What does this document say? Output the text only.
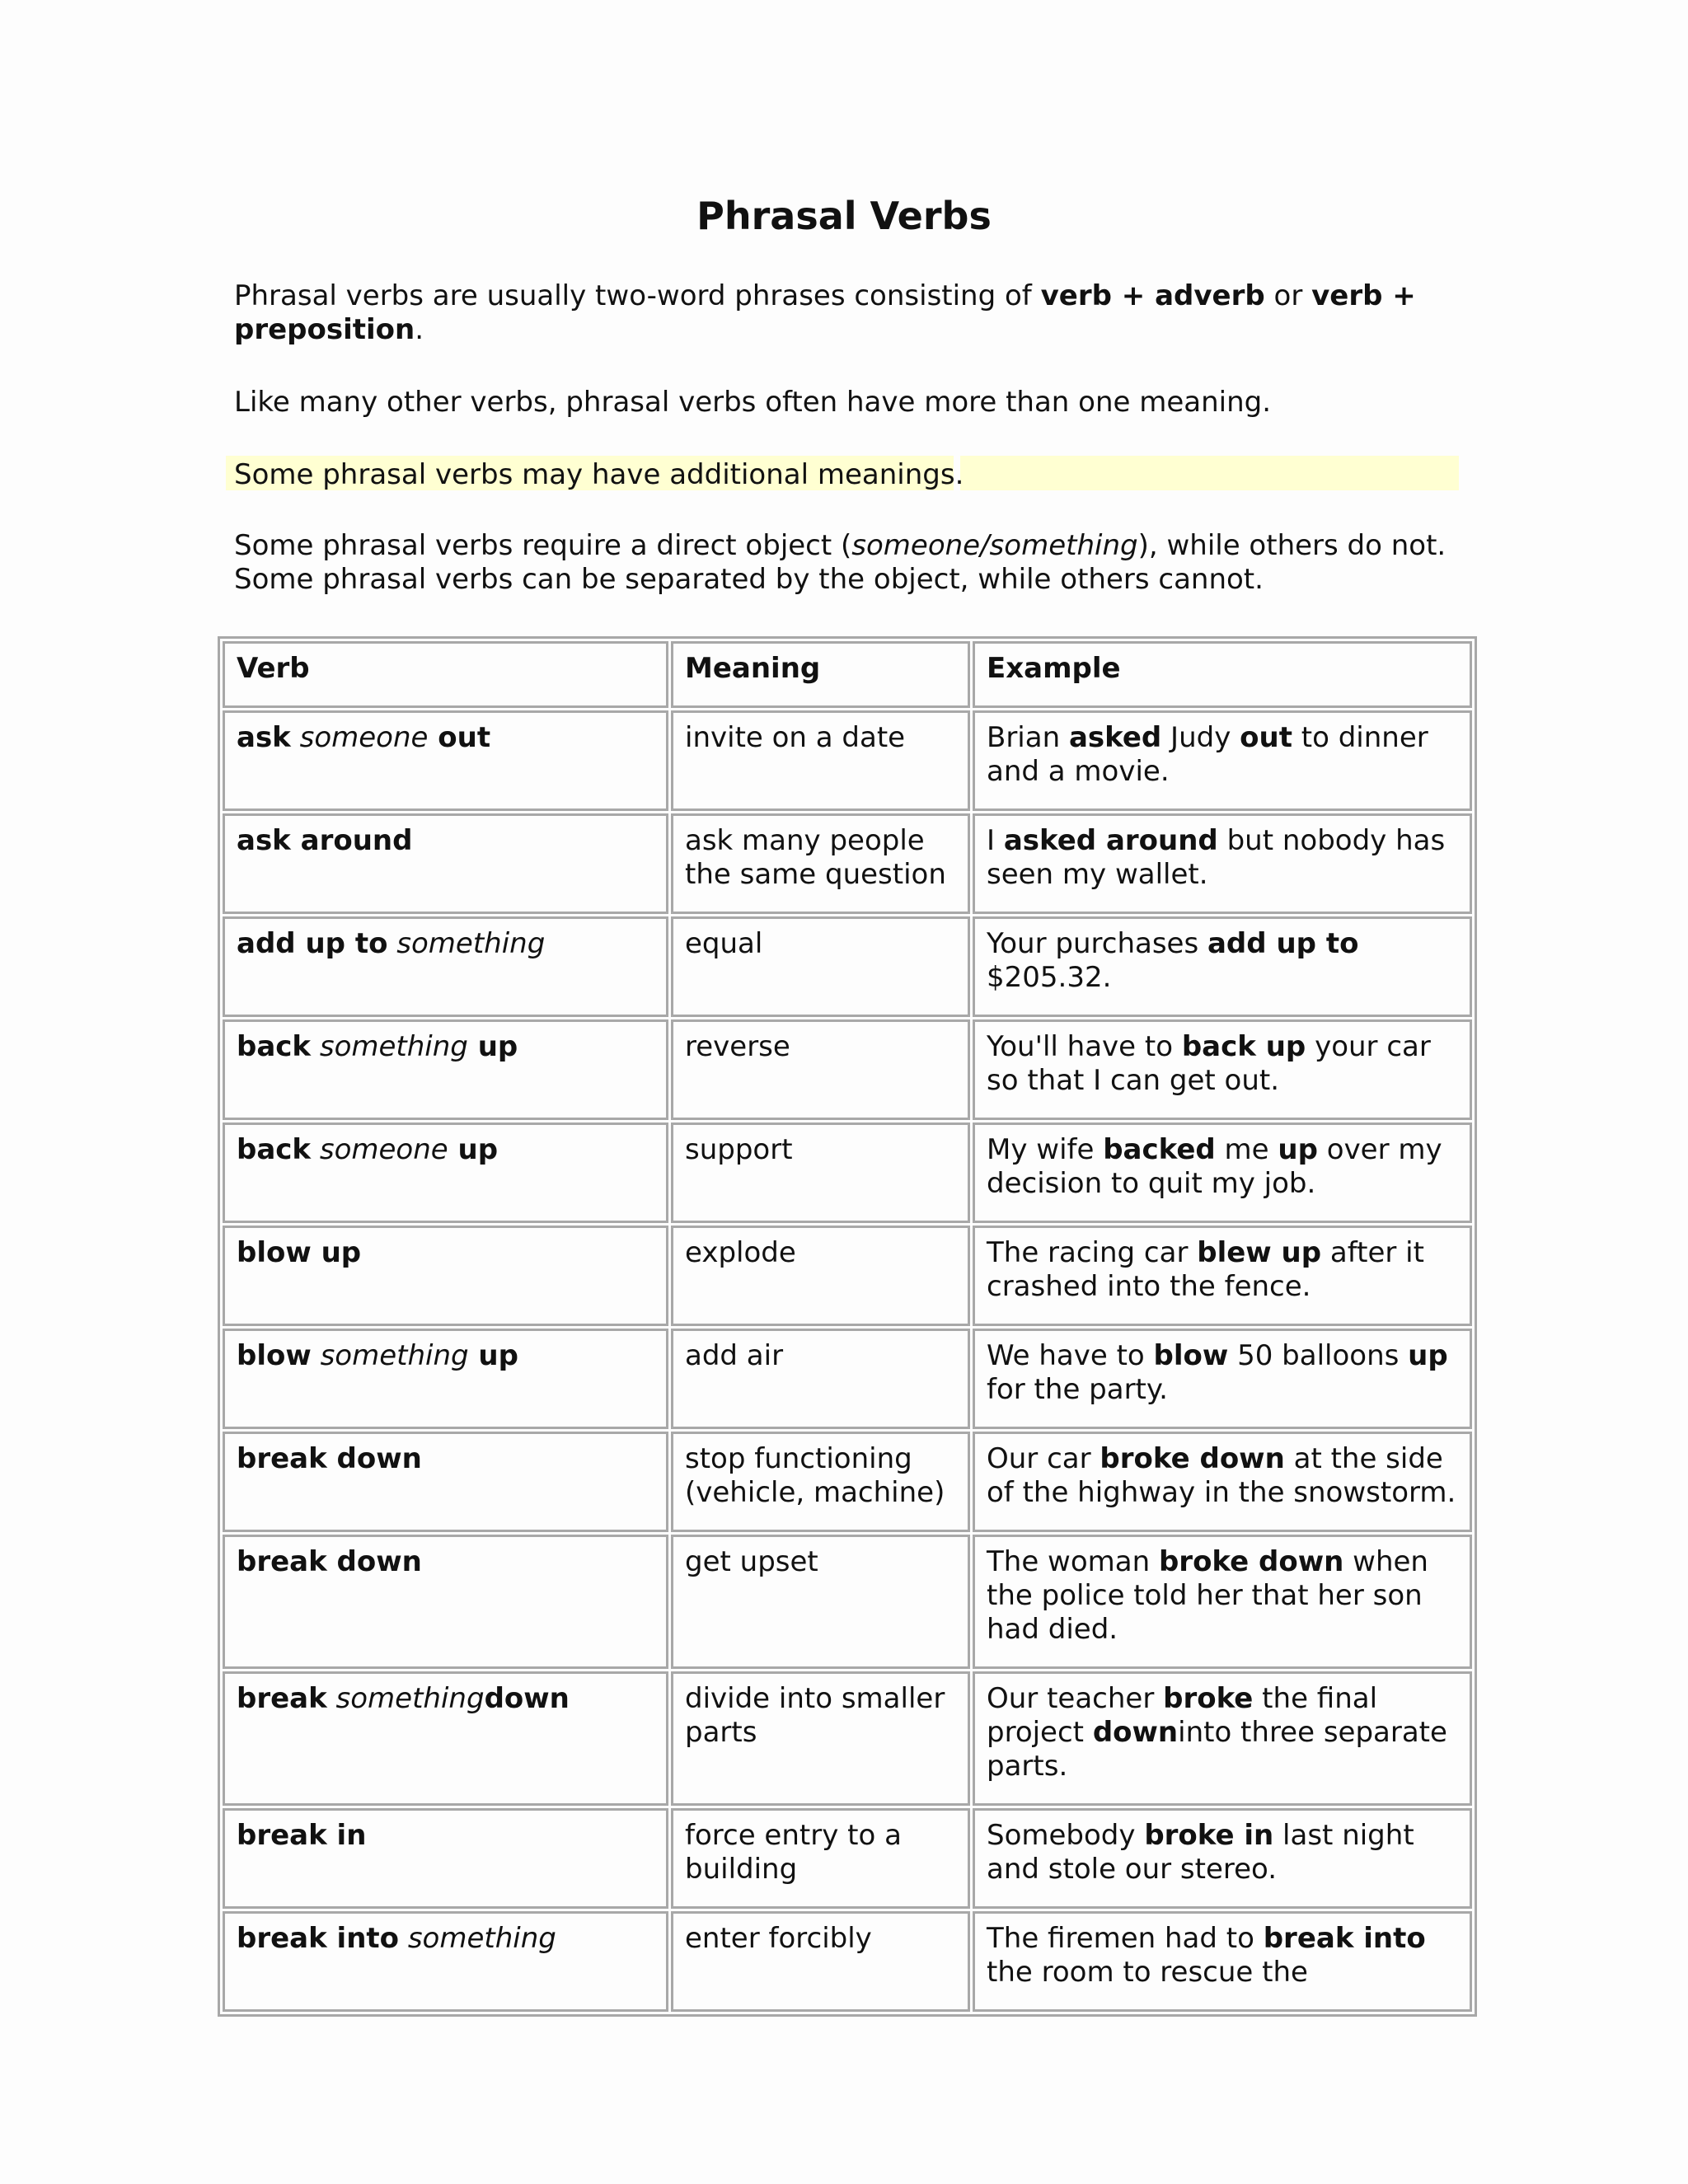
Phrasal Verbs
Phrasal verbs are usually two-word phrases consisting of verb + adverb or verb + preposition.
Like many other verbs, phrasal verbs often have more than one meaning.
Some phrasal verbs may have additional meanings.
Some phrasal verbs require a direct object (someone/something), while others do not. Some phrasal verbs can be separated by the object, while others cannot.
Verb	Meaning	Example
ask someone out	invite on a date	Brian asked Judy out to dinner and a movie.
ask around	ask many people the same question	I asked around but nobody has seen my wallet.
add up to something	equal	Your purchases add up to $205.32.
back something up	reverse	You'll have to back up your car so that I can get out.
back someone up	support	My wife backed me up over my decision to quit my job.
blow up	explode	The racing car blew up after it crashed into the fence.
blow something up	add air	We have to blow 50 balloons up for the party.
break down	stop functioning (vehicle, machine)	Our car broke down at the side of the highway in the snowstorm.
break down	get upset	The woman broke down when the police told her that her son had died.
break somethingdown	divide into smaller parts	Our teacher broke the final project downinto three separate parts.
break in	force entry to a building	Somebody broke in last night and stole our stereo.
break into something	enter forcibly	The firemen had to break into the room to rescue the
